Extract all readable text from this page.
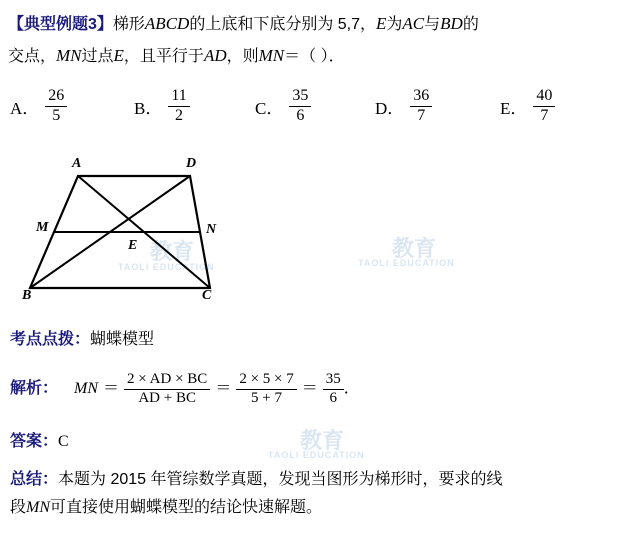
教育
TAOLI EDUCATION
教育
TAOLI EDUCATION
教育
TAOLI EDUCATION
【典型例题3】梯形ABCD的上底和下底分别为 5,7，E为AC与BD的
交点，MN过点E，且平行于AD，则MN＝（ ）．
A． $\frac{26}{5}$	B． $\frac{11}{2}$	C． $\frac{35}{6}$	D． $\frac{36}{7}$	E． $\frac{40}{7}$
A	D
M	N
E
B	C
考点点拨：蝴蝶模型
解析： MN ＝ $\frac{2 \times AD \times BC}{AD + BC} = \frac{2 \times 5 \times 7}{5 + 7} = \frac{35}{6}$ ．
答案：C
总结：本题为 2015 年管综数学真题，发现当图形为梯形时，要求的线
段MN可直接使用蝴蝶模型的结论快速解题。
